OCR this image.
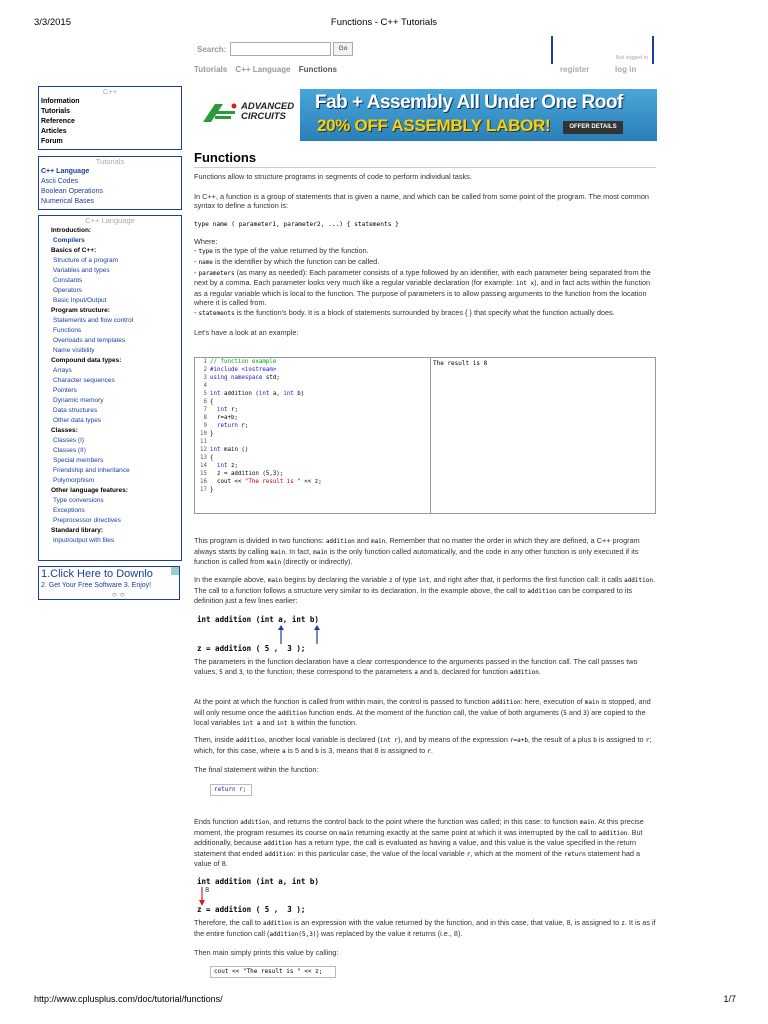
3/3/2015	Functions - C++ Tutorials
Search:	Go
Tutorials C++ Language Functions
Not logged in
register	log in
C++
Information
Tutorials
Reference
Articles
Forum
Tutorials
C++ Language
Ascii Codes
Boolean Operations
Numerical Bases
C++ Language
Introduction:
Compilers
Basics of C++:
Structure of a program
Variables and types
Constants
Operators
Basic Input/Output
Program structure:
Statements and flow control
Functions
Overloads and templates
Name visibility
Compound data types:
Arrays
Character sequences
Pointers
Dynamic memory
Data structures
Other data types
Classes:
Classes (I)
Classes (II)
Special members
Friendship and inheritance
Polymorphism
Other language features:
Type conversions
Exceptions
Preprocessor directives
Standard library:
Input/output with files
1.Click Here to Downlo
2. Get Your Free Software 3. Enjoy!
○○
ADVANCED
CIRCUITS
Fab + Assembly All Under One Roof
20% OFF ASSEMBLY LABOR!	OFFER DETAILS
Functions
Functions allow to structure programs in segments of code to perform individual tasks.
In C++, a function is a group of statements that is given a name, and which can be called from some point of the program. The most common syntax to define a function is:
type name ( parameter1, parameter2, ...) { statements }
Where:
- type is the type of the value returned by the function.
- name is the identifier by which the function can be called.
- parameters (as many as needed): Each parameter consists of a type followed by an identifier, with each parameter being separated from the next by a comma. Each parameter looks very much like a regular variable declaration (for example: int x), and in fact acts within the function as a regular variable which is local to the function. The purpose of parameters is to allow passing arguments to the function from the location where it is called from.
- statements is the function's body. It is a block of statements surrounded by braces { } that specify what the function actually does.
Let's have a look at an example:
1 // function example
2 #include <iostream>
3 using namespace std;
4
5 int addition (int a, int b)
6 {
7	int r;
8 r=a+b;
9	return r;
10 }
11
12 int main ()
13 {
14	int z;
15 z = addition (5,3);
16 cout << "The result is " << z;
17 }
The result is 8
This program is divided in two functions: addition and main. Remember that no matter the order in which they are defined, a C++ program always starts by calling main. In fact, main is the only function called automatically, and the code in any other function is only executed if its function is called from main (directly or indirectly).
In the example above, main begins by declaring the variable z of type int, and right after that, it performs the first function call: it calls addition. The call to a function follows a structure very similar to its declaration. In the example above, the call to addition can be compared to its definition just a few lines earlier:
int addition (int a, int b)
z = addition ( 5 ,  3 );
The parameters in the function declaration have a clear correspondence to the arguments passed in the function call. The call passes two values, 5 and 3, to the function; these correspond to the parameters a and b, declared for function addition.
At the point at which the function is called from within main, the control is passed to function addition: here, execution of main is stopped, and will only resume once the addition function ends. At the moment of the function call, the value of both arguments (5 and 3) are copied to the local variables int a and int b within the function.
Then, inside addition, another local variable is declared (int r), and by means of the expression r=a+b, the result of a plus b is assigned to r; which, for this case, where a is 5 and b is 3, means that 8 is assigned to r.
The final statement within the function:
return r;
Ends function addition, and returns the control back to the point where the function was called; in this case: to function main. At this precise moment, the program resumes its course on main returning exactly at the same point at which it was interrupted by the call to addition. But additionally, because addition has a return type, the call is evaluated as having a value, and this value is the value specified in the return statement that ended addition: in this particular case, the value of the local variable r, which at the moment of the return statement had a value of 8.
int addition (int a, int b)
8
z = addition ( 5 ,  3 );
Therefore, the call to addition is an expression with the value returned by the function, and in this case, that value, 8, is assigned to z. It is as if the entire function call (addition(5,3)) was replaced by the value it returns (i.e., 8).
Then main simply prints this value by calling:
cout << "The result is " << z;
http://www.cplusplus.com/doc/tutorial/functions/	1/7
